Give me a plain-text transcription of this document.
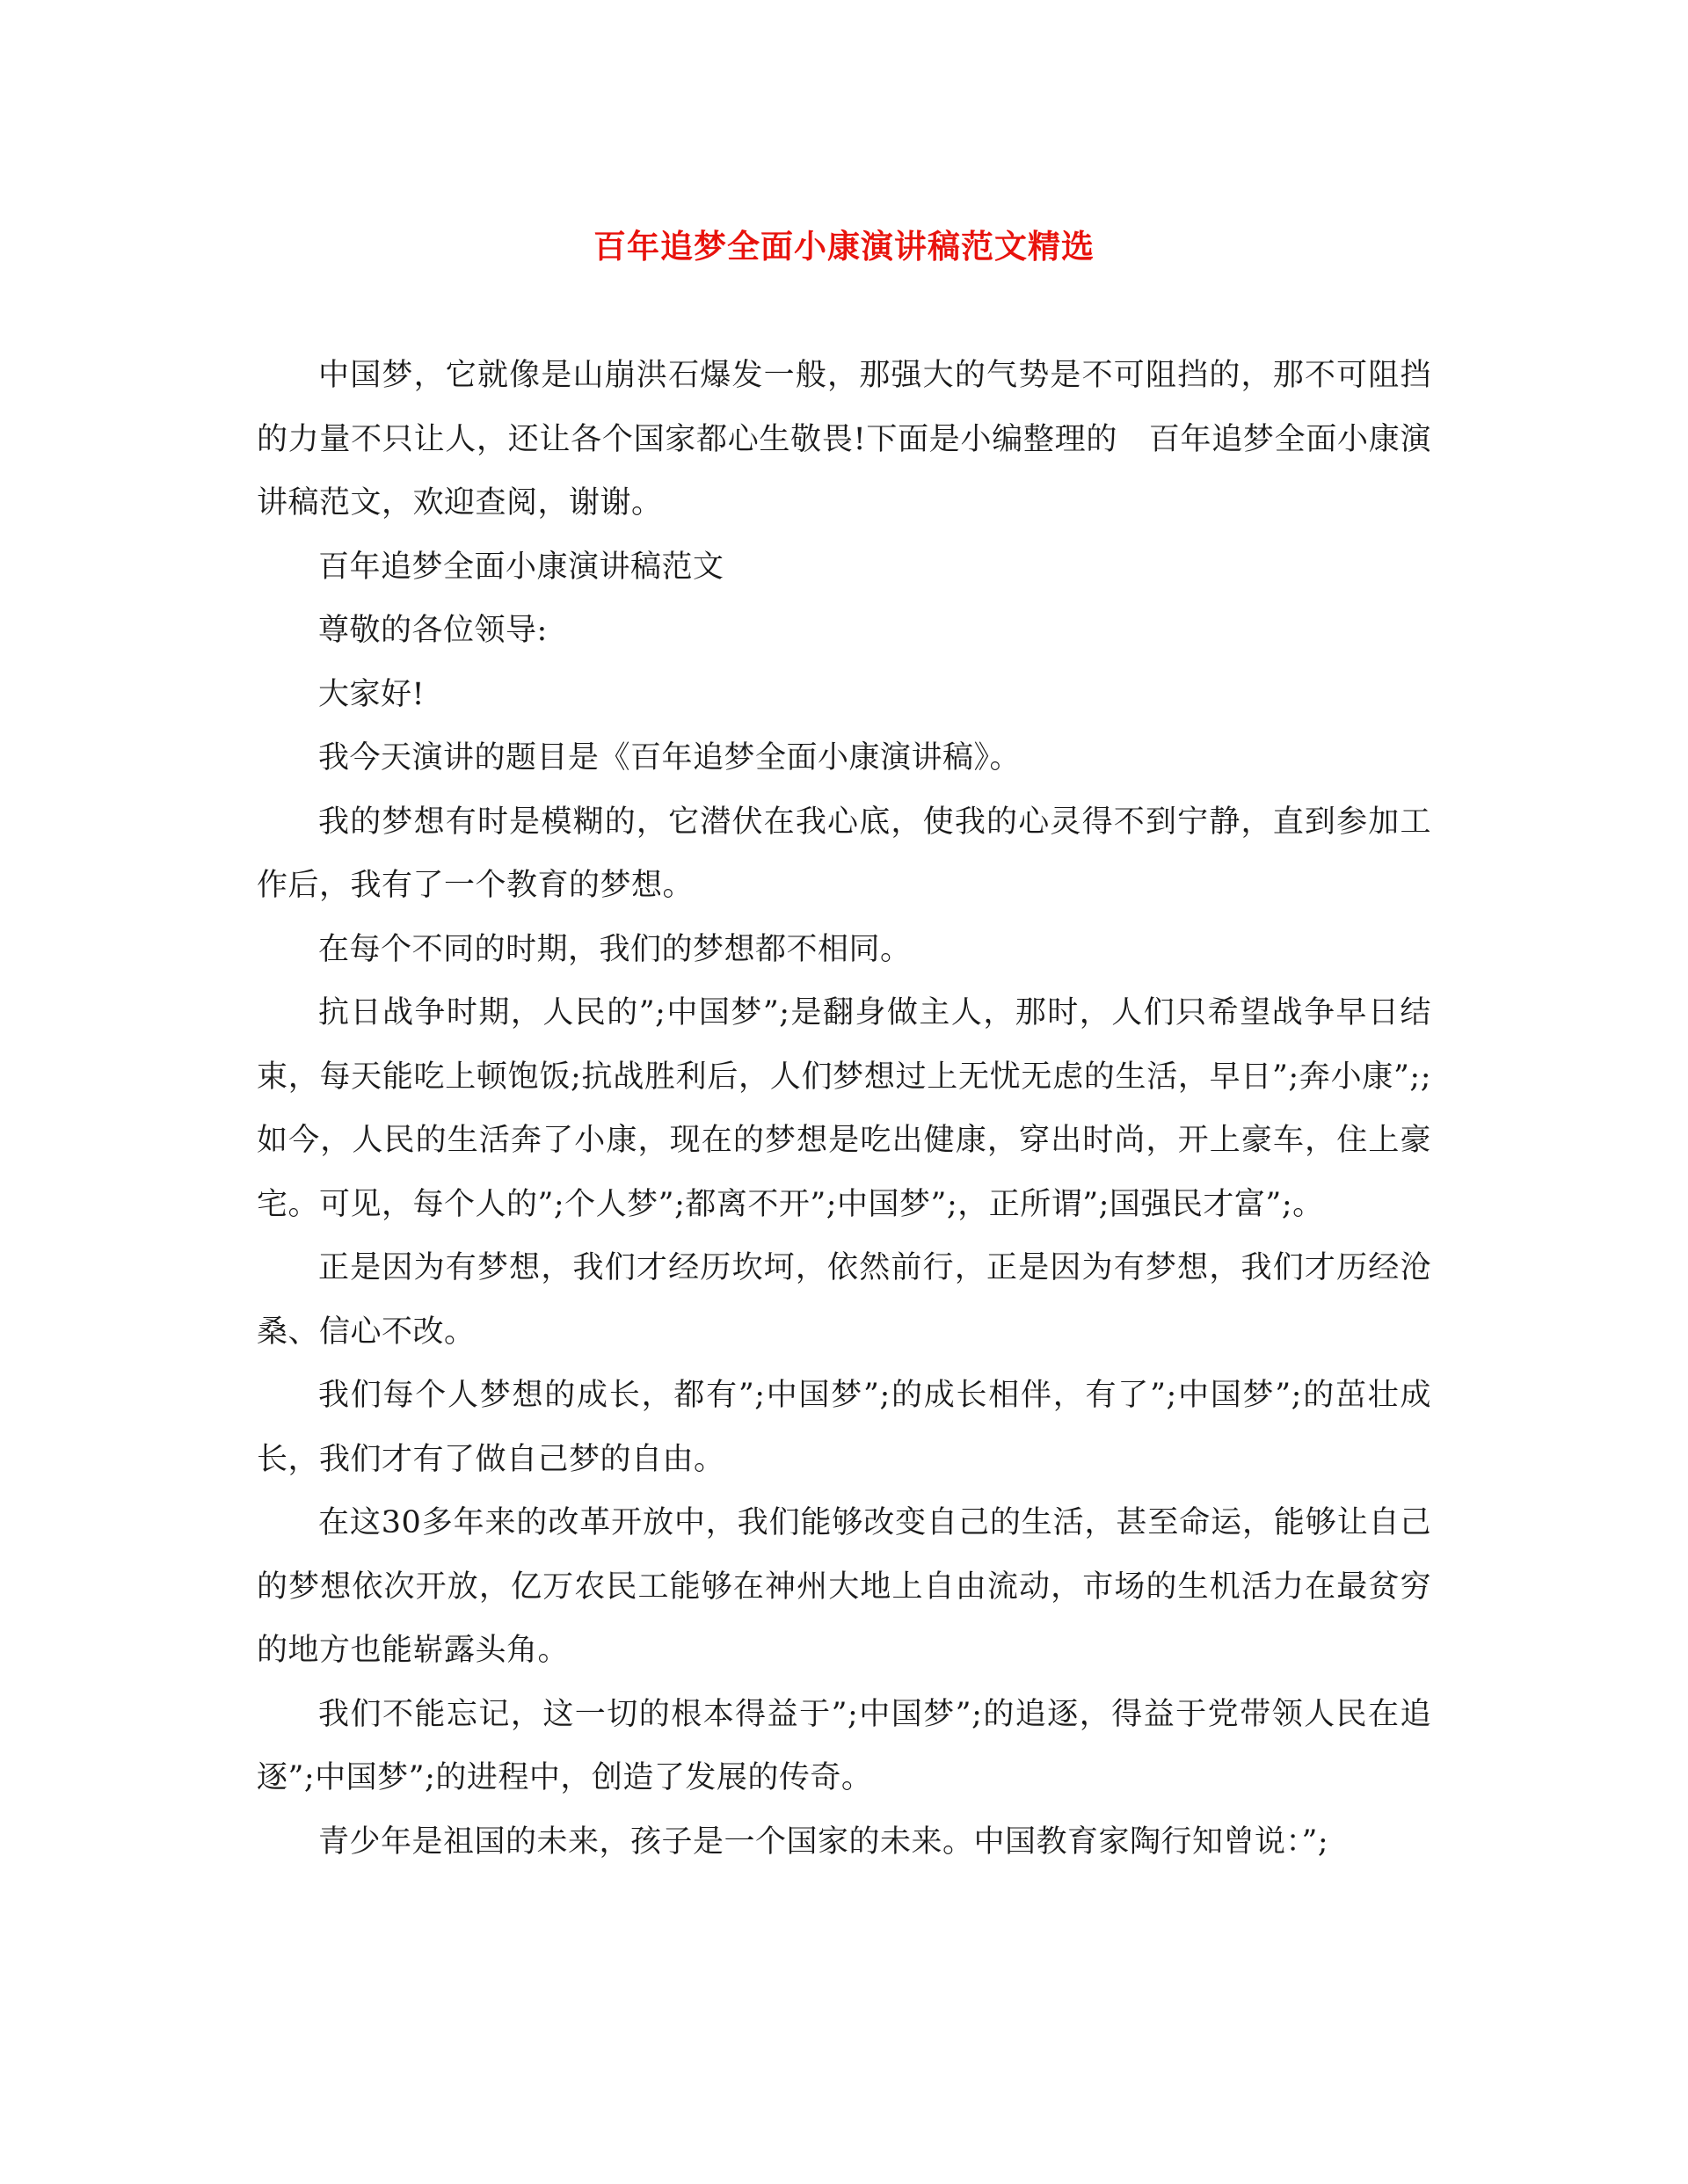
百年追梦全面小康演讲稿范文精选

中国梦，它就像是山崩洪石爆发一般，那强大的气势是不可阻挡的，那不可阻挡的力量不只让人，还让各个国家都心生敬畏!下面是小编整理的　百年追梦全面小康演讲稿范文，欢迎查阅，谢谢。

百年追梦全面小康演讲稿范文

尊敬的各位领导:

大家好!

我今天演讲的题目是《百年追梦全面小康演讲稿》。

我的梦想有时是模糊的，它潜伏在我心底，使我的心灵得不到宁静，直到参加工作后，我有了一个教育的梦想。

在每个不同的时期，我们的梦想都不相同。

抗日战争时期，人民的”;中国梦”;是翻身做主人，那时，人们只希望战争早日结束，每天能吃上顿饱饭;抗战胜利后，人们梦想过上无忧无虑的生活，早日”;奔小康”;;如今，人民的生活奔了小康，现在的梦想是吃出健康，穿出时尚，开上豪车，住上豪宅。可见，每个人的”;个人梦”;都离不开”;中国梦”;，正所谓”;国强民才富”;。

正是因为有梦想，我们才经历坎坷，依然前行，正是因为有梦想，我们才历经沧桑、信心不改。

我们每个人梦想的成长，都有”;中国梦”;的成长相伴，有了”;中国梦”;的茁壮成长，我们才有了做自己梦的自由。

在这30多年来的改革开放中，我们能够改变自己的生活，甚至命运，能够让自己的梦想依次开放，亿万农民工能够在神州大地上自由流动，市场的生机活力在最贫穷的地方也能崭露头角。

我们不能忘记，这一切的根本得益于”;中国梦”;的追逐，得益于党带领人民在追逐”;中国梦”;的进程中，创造了发展的传奇。

青少年是祖国的未来，孩子是一个国家的未来。中国教育家陶行知曾说：”;
